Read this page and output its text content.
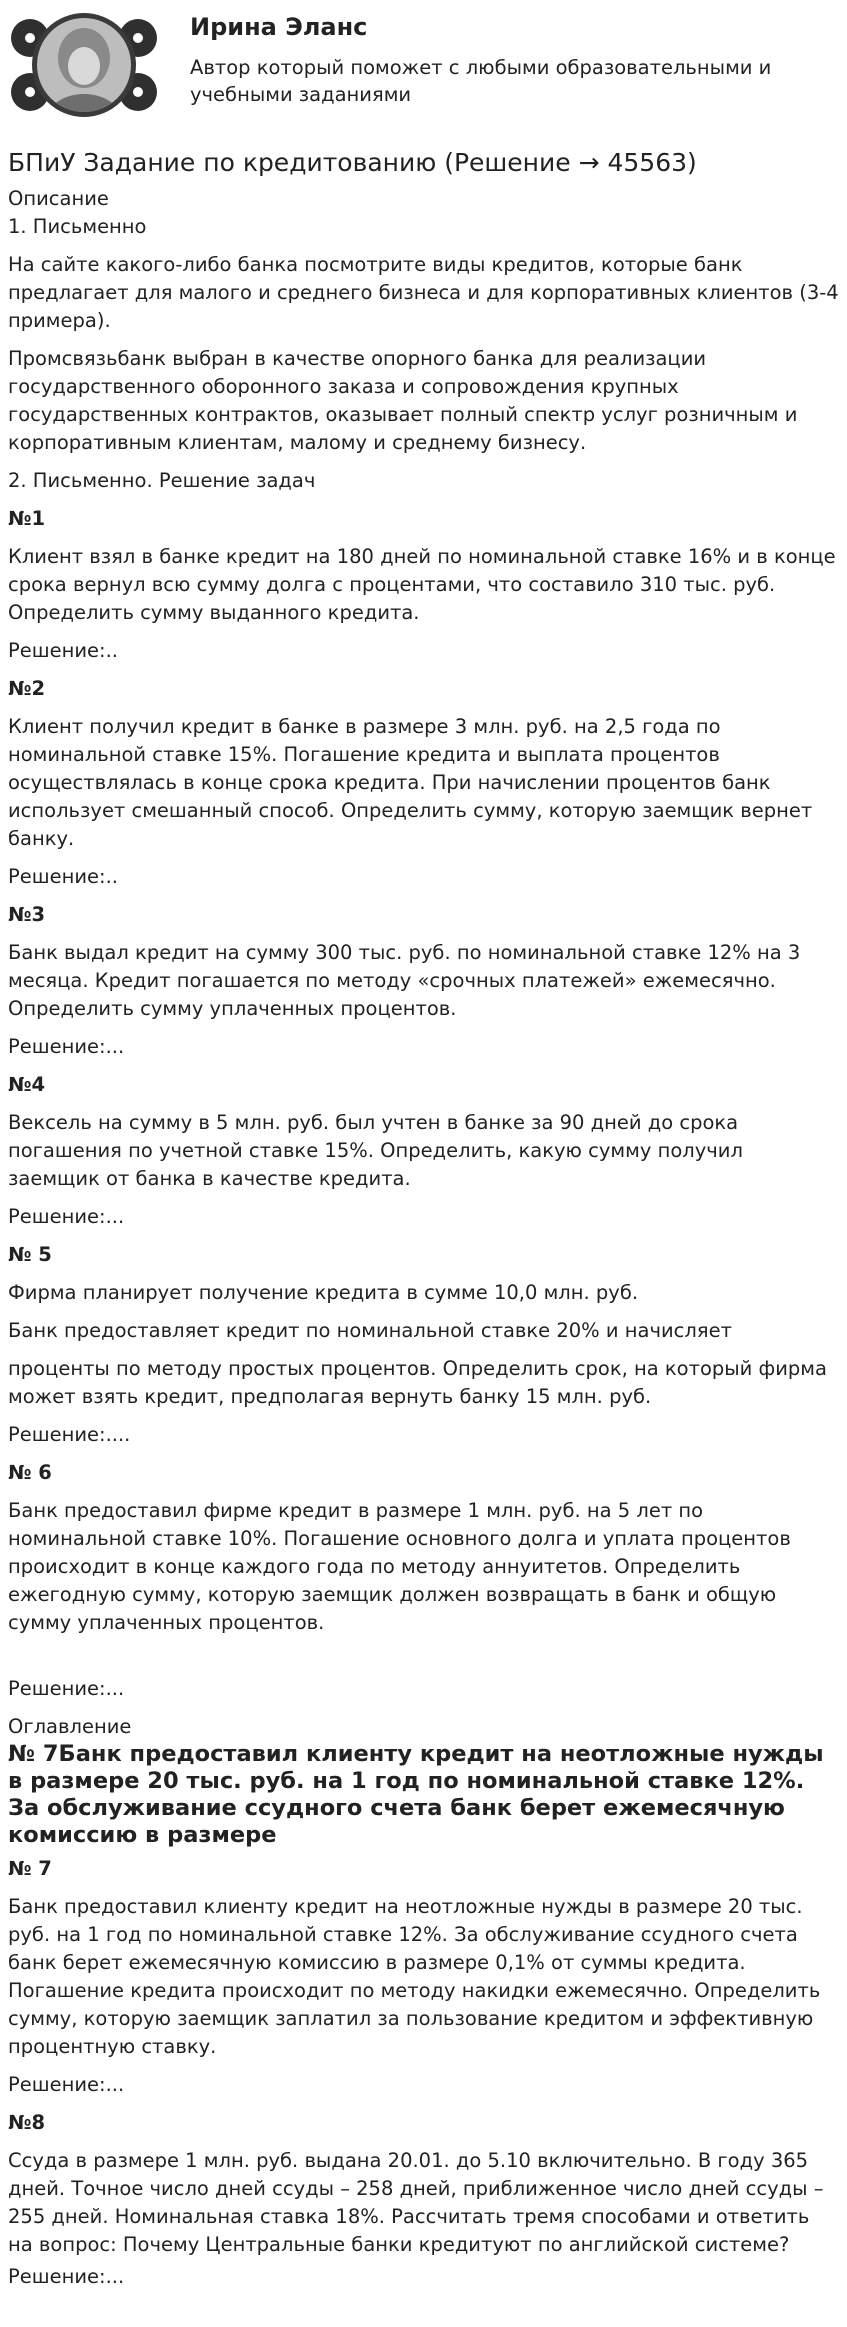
Ирина Эланс
Автор который поможет с любыми образовательными и учебными заданиями
БПиУ Задание по кредитованию (Решение → 45563)
Описание
1. Письменно

На сайте какого-либо банка посмотрите виды кредитов, которые банк предлагает для малого и среднего бизнеса и для корпоративных клиентов (3-4 примера).

Промсвязьбанк выбран в качестве опорного банка для реализации государственного оборонного заказа и сопровождения крупных государственных контрактов, оказывает полный спектр услуг розничным и корпоративным клиентам, малому и среднему бизнесу.

2. Письменно. Решение задач

№1

Клиент взял в банке кредит на 180 дней по номинальной ставке 16% и в конце срока вернул всю сумму долга с процентами, что составило 310 тыс. руб. Определить сумму выданного кредита.

Решение:..
№2

Клиент получил кредит в банке в размере 3 млн. руб. на 2,5 года по номинальной ставке 15%. Погашение кредита и выплата процентов осуществлялась в конце срока кредита. При начислении процентов банк использует смешанный способ. Определить сумму, которую заемщик вернет банку.

Решение:..
№3

Банк выдал кредит на сумму 300 тыс. руб. по номинальной ставке 12% на 3 месяца. Кредит погашается по методу «срочных платежей» ежемесячно. Определить сумму уплаченных процентов.

Решение:...
№4

Вексель на сумму в 5 млн. руб. был учтен в банке за 90 дней до срока погашения по учетной ставке 15%. Определить, какую сумму получил заемщик от банка в качестве кредита.

Решение:...
№ 5

Фирма планирует получение кредита в сумме 10,0 млн. руб.

Банк предоставляет кредит по номинальной ставке 20% и начисляет

проценты по методу простых процентов. Определить срок, на который фирма может взять кредит, предполагая вернуть банку 15 млн. руб.

Решение:....
№ 6

Банк предоставил фирме кредит в размере 1 млн. руб. на 5 лет по номинальной ставке 10%. Погашение основного долга и уплата процентов происходит в конце каждого года по методу аннуитетов. Определить ежегодную сумму, которую заемщик должен возвращать в банк и общую сумму уплаченных процентов.

Решение:...
Оглавление
№ 7Банк предоставил клиенту кредит на неотложные нужды в размере 20 тыс. руб. на 1 год по номинальной ставке 12%. За обслуживание ссудного счета банк берет ежемесячную комиссию в размере
№ 7

Банк предоставил клиенту кредит на неотложные нужды в размере 20 тыс. руб. на 1 год по номинальной ставке 12%. За обслуживание ссудного счета банк берет ежемесячную комиссию в размере 0,1% от суммы кредита. Погашение кредита происходит по методу накидки ежемесячно. Определить сумму, которую заемщик заплатил за пользование кредитом и эффективную процентную ставку.

Решение:...
№8

Ссуда в размере 1 млн. руб. выдана 20.01. до 5.10 включительно. В году 365 дней. Точное число дней ссуды – 258 дней, приближенное число дней ссуды – 255 дней. Номинальная ставка 18%. Рассчитать тремя способами и ответить на вопрос: Почему Центральные банки кредитуют по английской системе?

Решение:...
